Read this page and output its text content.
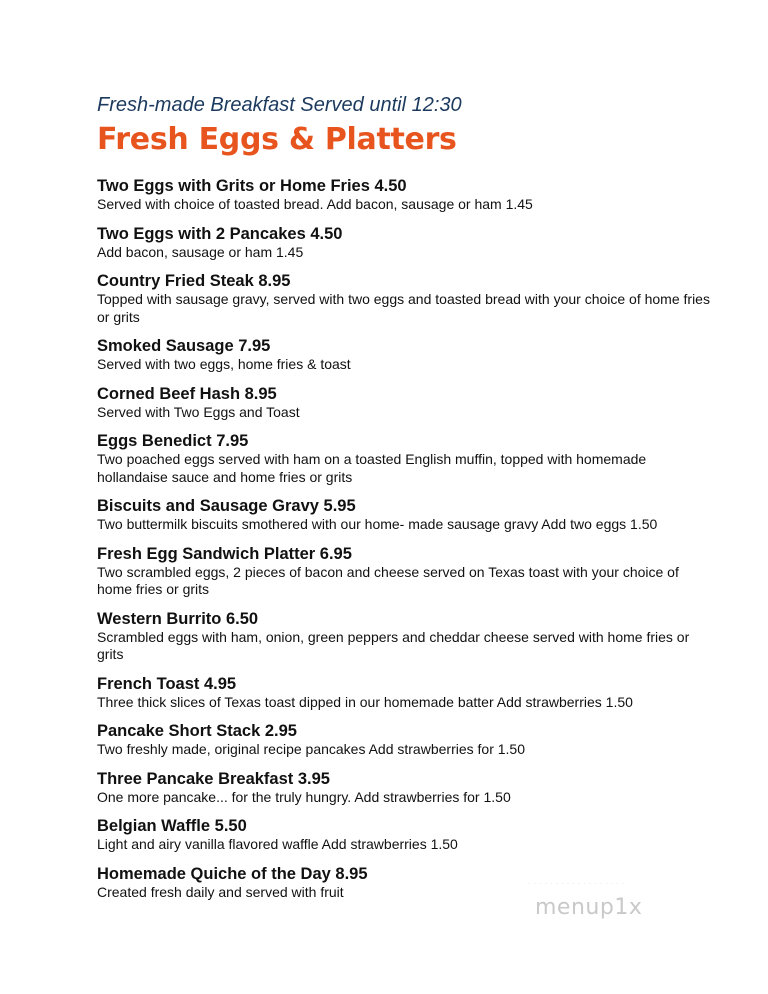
Fresh-made Breakfast Served until 12:30

Fresh Eggs & Platters
Two Eggs with Grits or Home Fries 4.50
Served with choice of toasted bread. Add bacon, sausage or ham 1.45
Two Eggs with 2 Pancakes 4.50
Add bacon, sausage or ham 1.45
Country Fried Steak 8.95
Topped with sausage gravy, served with two eggs and toasted bread with your choice of home fries or grits
Smoked Sausage 7.95
Served with two eggs, home fries & toast
Corned Beef Hash 8.95
Served with Two Eggs and Toast
Eggs Benedict 7.95
Two poached eggs served with ham on a toasted English muffin, topped with homemade hollandaise sauce and home fries or grits
Biscuits and Sausage Gravy 5.95
Two buttermilk biscuits smothered with our home- made sausage gravy Add two eggs 1.50
Fresh Egg Sandwich Platter 6.95
Two scrambled eggs, 2 pieces of bacon and cheese served on Texas toast with your choice of home fries or grits
Western Burrito 6.50
Scrambled eggs with ham, onion, green peppers and cheddar cheese served with home fries or grits
French Toast 4.95
Three thick slices of Texas toast dipped in our homemade batter Add strawberries 1.50
Pancake Short Stack 2.95
Two freshly made, original recipe pancakes Add strawberries for 1.50
Three Pancake Breakfast 3.95
One more pancake... for the truly hungry. Add strawberries for 1.50
Belgian Waffle 5.50
Light and airy vanilla flavored waffle Add strawberries 1.50
Homemade Quiche of the Day 8.95
Created fresh daily and served with fruit
· · · · · · · · · · · · · · · · · ·
menup1x
